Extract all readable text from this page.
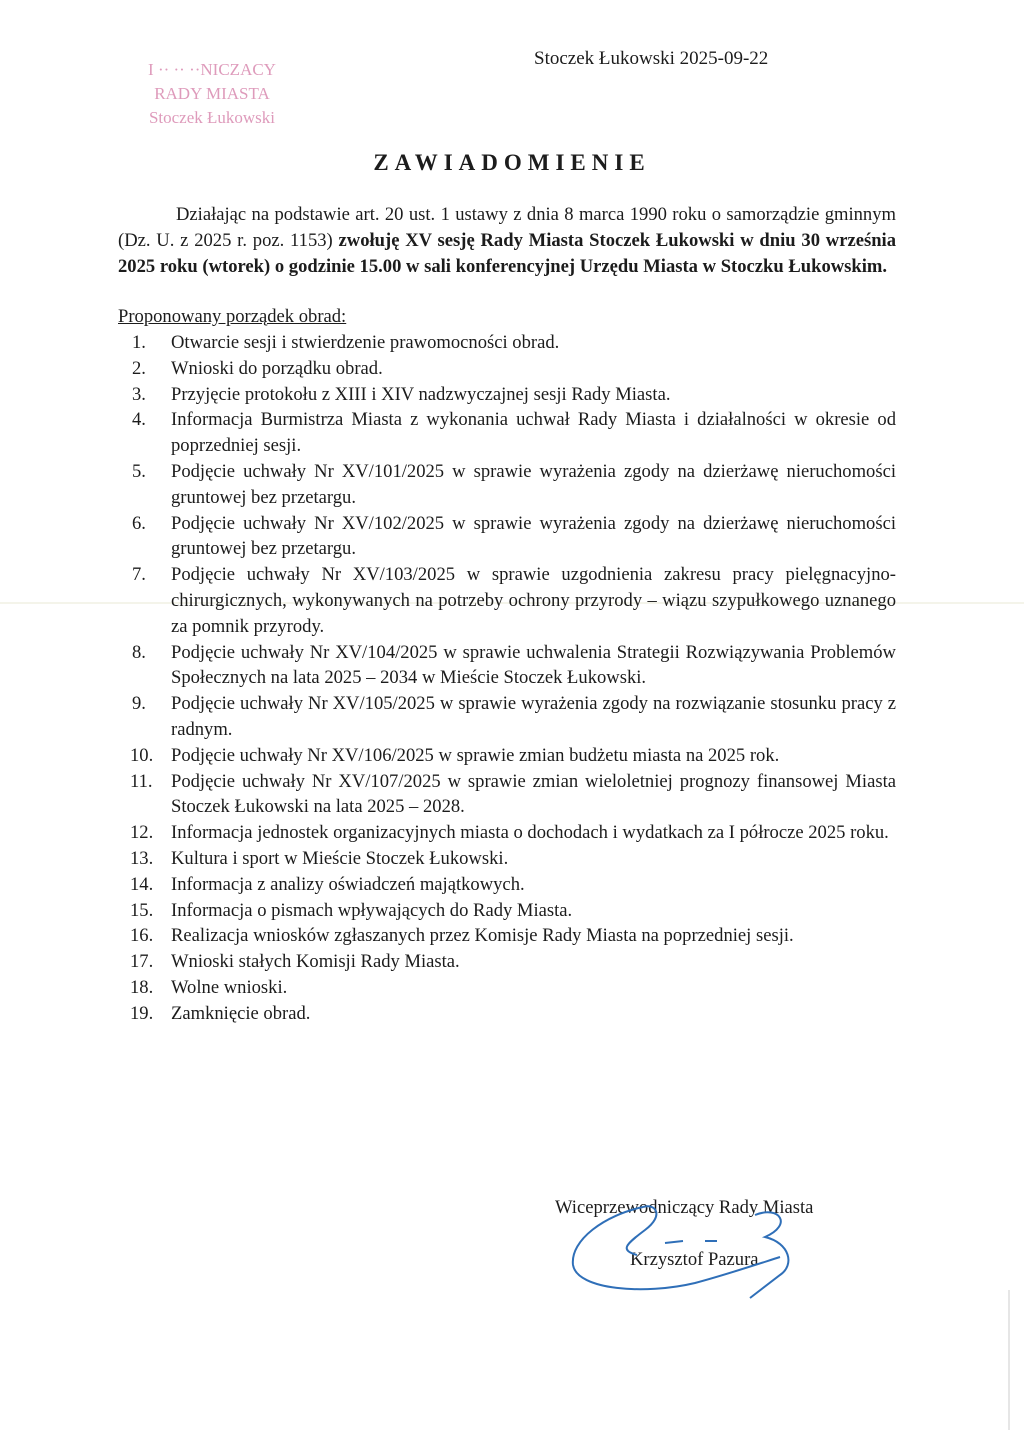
I ·· ·· ··NICZACY
RADY MIASTA
Stoczek Łukowski
Stoczek Łukowski 2025-09-22
ZAWIADOMIENIE
Działając na podstawie art. 20 ust. 1 ustawy z dnia 8 marca 1990 roku o samorządzie gminnym (Dz. U. z 2025 r. poz. 1153) zwołuję XV sesję Rady Miasta Stoczek Łukowski w dniu 30 września 2025 roku (wtorek) o godzinie 15.00 w sali konferencyjnej Urzędu Miasta w Stoczku Łukowskim.
Proponowany porządek obrad:
1. Otwarcie sesji i stwierdzenie prawomocności obrad.
2. Wnioski do porządku obrad.
3. Przyjęcie protokołu z XIII i XIV nadzwyczajnej sesji Rady Miasta.
4. Informacja Burmistrza Miasta z wykonania uchwał Rady Miasta i działalności w okresie od poprzedniej sesji.
5. Podjęcie uchwały Nr XV/101/2025 w sprawie wyrażenia zgody na dzierżawę nieruchomości gruntowej bez przetargu.
6. Podjęcie uchwały Nr XV/102/2025 w sprawie wyrażenia zgody na dzierżawę nieruchomości gruntowej bez przetargu.
7. Podjęcie uchwały Nr XV/103/2025 w sprawie uzgodnienia zakresu pracy pielęgnacyjno-chirurgicznych, wykonywanych na potrzeby ochrony przyrody – wiązu szypułkowego uznanego za pomnik przyrody.
8. Podjęcie uchwały Nr XV/104/2025 w sprawie uchwalenia Strategii Rozwiązywania Problemów Społecznych na lata 2025 – 2034 w Mieście Stoczek Łukowski.
9. Podjęcie uchwały Nr XV/105/2025 w sprawie wyrażenia zgody na rozwiązanie stosunku pracy z radnym.
10. Podjęcie uchwały Nr XV/106/2025 w sprawie zmian budżetu miasta na 2025 rok.
11. Podjęcie uchwały Nr XV/107/2025 w sprawie zmian wieloletniej prognozy finansowej Miasta Stoczek Łukowski na lata 2025 – 2028.
12. Informacja jednostek organizacyjnych miasta o dochodach i wydatkach za I półrocze 2025 roku.
13. Kultura i sport w Mieście Stoczek Łukowski.
14. Informacja z analizy oświadczeń majątkowych.
15. Informacja o pismach wpływających do Rady Miasta.
16. Realizacja wniosków zgłaszanych przez Komisje Rady Miasta na poprzedniej sesji.
17. Wnioski stałych Komisji Rady Miasta.
18. Wolne wnioski.
19. Zamknięcie obrad.
Wiceprzewodniczący Rady Miasta
Krzysztof Pazura
